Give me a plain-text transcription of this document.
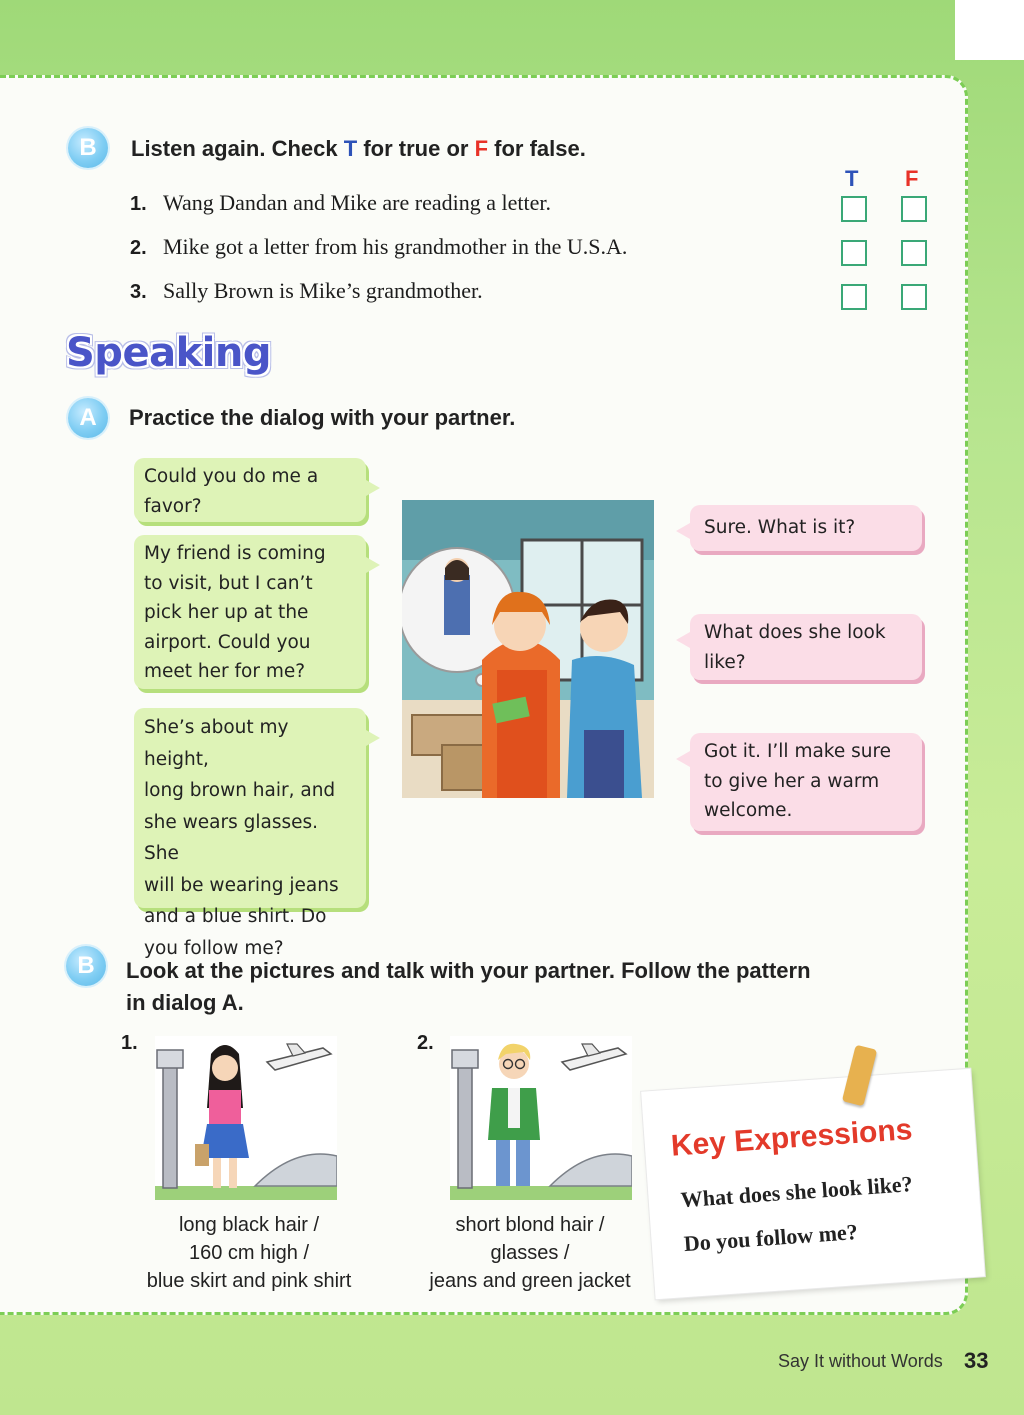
B	Listen again. Check T for true or F for false.
T F
1. Wang Dandan and Mike are reading a letter.
2. Mike got a letter from his grandmother in the U.S.A.
3. Sally Brown is Mike’s grandmother.
Speaking
A	Practice the dialog with your partner.
Could you do me a
favor?
My friend is coming
to visit, but I can’t
pick her up at the
airport. Could you
meet her for me?
She’s about my height,
long brown hair, and
she wears glasses. She
will be wearing jeans
and a blue shirt. Do
you follow me?
Sure. What is it?
What does she look
like?
Got it. I’ll make sure
to give her a warm
welcome.
B	Look at the pictures and talk with your partner. Follow the pattern
in dialog A.
1.
long black hair /
160 cm high /
blue skirt and pink shirt
2.
short blond hair /
glasses /
jeans and green jacket
Key Expressions
What does she look like?
Do you follow me?
Say It without Words 33
